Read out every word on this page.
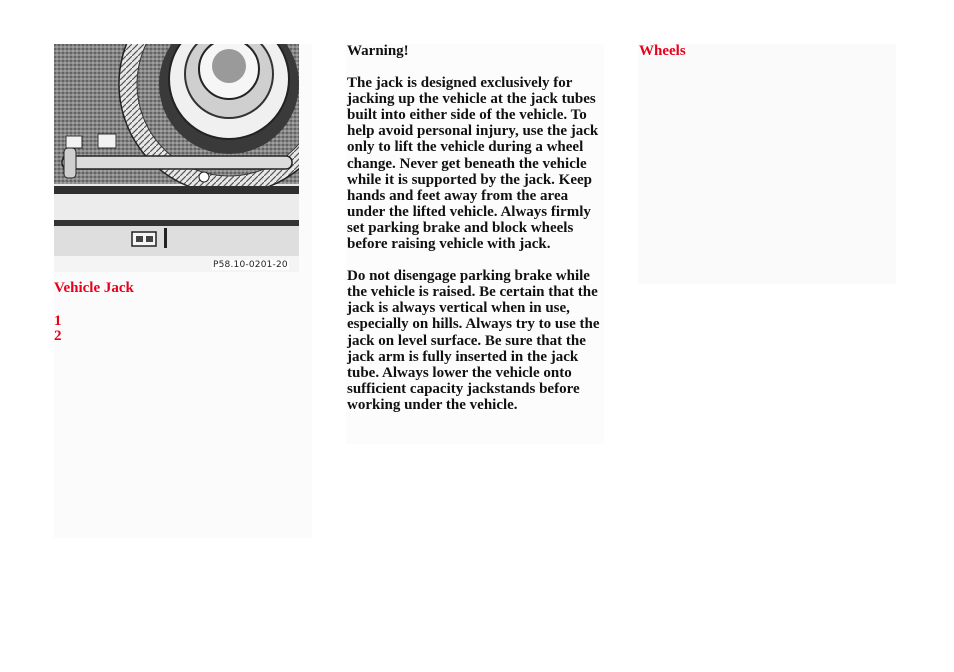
P58.10-0201-20
Vehicle Jack
1
2

Warning!

The jack is designed exclusively for jacking up the vehicle at the jack tubes built into either side of the vehicle. To help avoid personal injury, use the jack only to lift the vehicle during a wheel change. Never get beneath the vehicle while it is supported by the jack. Keep hands and feet away from the area under the lifted vehicle. Always firmly set parking brake and block wheels before raising vehicle with jack.

Do not disengage parking brake while the vehicle is raised. Be certain that the jack is always vertical when in use, especially on hills. Always try to use the jack on level surface. Be sure that the jack arm is fully inserted in the jack tube. Always lower the vehicle onto sufficient capacity jackstands before working under the vehicle.

Wheels
